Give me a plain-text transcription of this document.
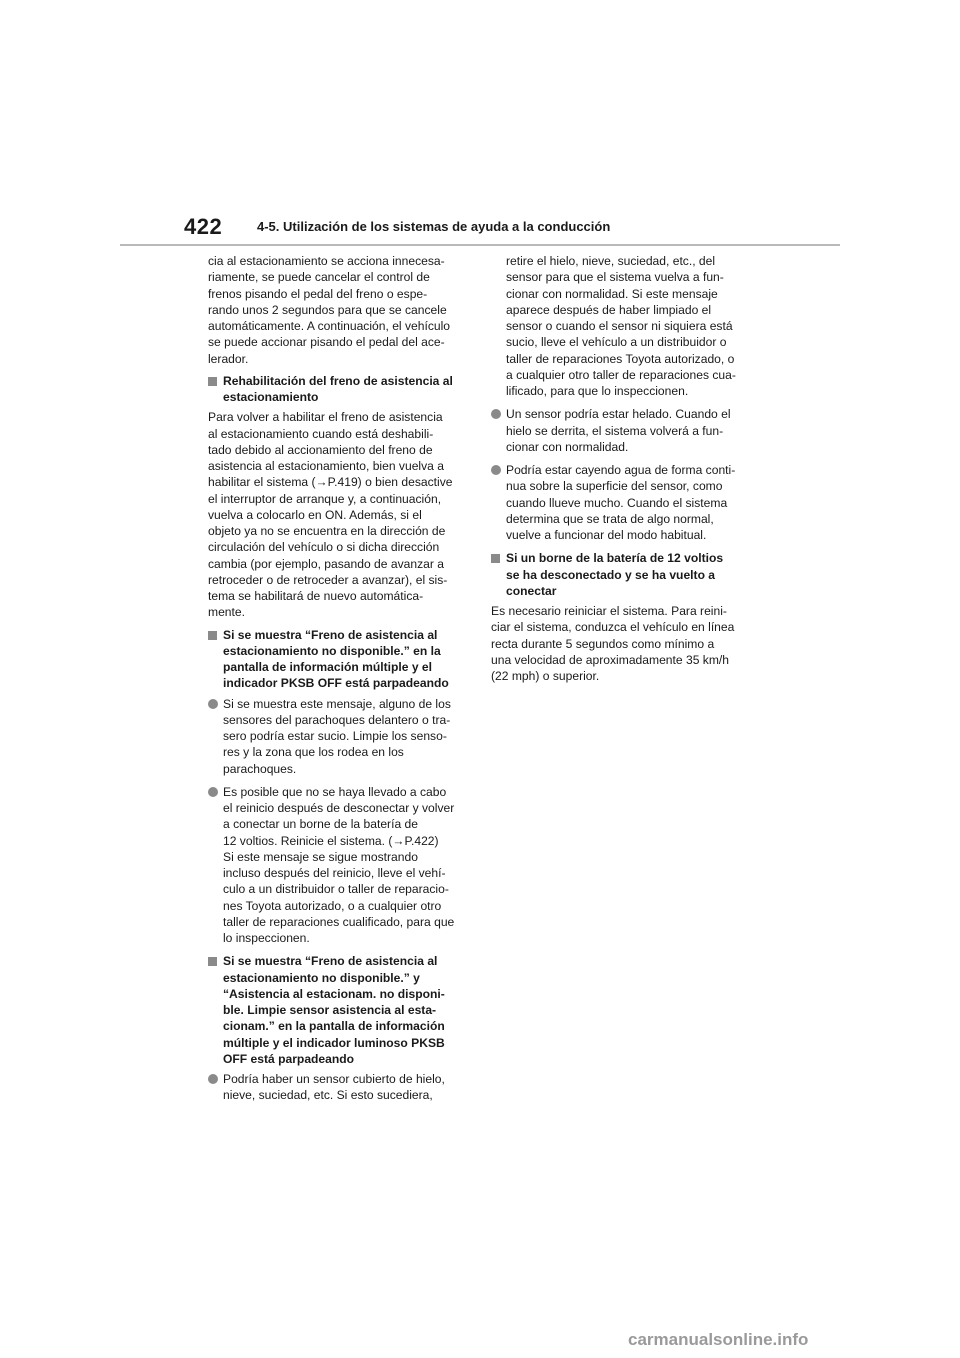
422	4-5. Utilización de los sistemas de ayuda a la conducción

cia al estacionamiento se acciona innecesa-

riamente, se puede cancelar el control de

frenos pisando el pedal del freno o espe-

rando unos 2 segundos para que se cancele

automáticamente. A continuación, el vehículo

se puede accionar pisando el pedal del ace-

lerador.

Rehabilitación del freno de asistencia al
estacionamiento

Para volver a habilitar el freno de asistencia

al estacionamiento cuando está deshabili-

tado debido al accionamiento del freno de

asistencia al estacionamiento, bien vuelva a

habilitar el sistema (→P.419) o bien desactive

el interruptor de arranque y, a continuación,

vuelva a colocarlo en ON. Además, si el

objeto ya no se encuentra en la dirección de

circulación del vehículo o si dicha dirección

cambia (por ejemplo, pasando de avanzar a

retroceder o de retroceder a avanzar), el sis-

tema se habilitará de nuevo automática-

mente.

Si se muestra “Freno de asistencia al
estacionamiento no disponible.” en la
pantalla de información múltiple y el
indicador PKSB OFF está parpadeando

Si se muestra este mensaje, alguno de los

sensores del parachoques delantero o tra-

sero podría estar sucio. Limpie los senso-

res y la zona que los rodea en los

parachoques.

Es posible que no se haya llevado a cabo

el reinicio después de desconectar y volver

a conectar un borne de la batería de

12 voltios. Reinicie el sistema. (→P.422)

Si este mensaje se sigue mostrando

incluso después del reinicio, lleve el vehí-

culo a un distribuidor o taller de reparacio-

nes Toyota autorizado, o a cualquier otro

taller de reparaciones cualificado, para que

lo inspeccionen.

Si se muestra “Freno de asistencia al
estacionamiento no disponible.” y
“Asistencia al estacionam. no disponi-
ble. Limpie sensor asistencia al esta-
cionam.” en la pantalla de información
múltiple y el indicador luminoso PKSB
OFF está parpadeando

Podría haber un sensor cubierto de hielo,

nieve, suciedad, etc. Si esto sucediera,

retire el hielo, nieve, suciedad, etc., del

sensor para que el sistema vuelva a fun-

cionar con normalidad. Si este mensaje

aparece después de haber limpiado el

sensor o cuando el sensor ni siquiera está

sucio, lleve el vehículo a un distribuidor o

taller de reparaciones Toyota autorizado, o

a cualquier otro taller de reparaciones cua-

lificado, para que lo inspeccionen.

Un sensor podría estar helado. Cuando el

hielo se derrita, el sistema volverá a fun-

cionar con normalidad.

Podría estar cayendo agua de forma conti-

nua sobre la superficie del sensor, como

cuando llueve mucho. Cuando el sistema

determina que se trata de algo normal,

vuelve a funcionar del modo habitual.

Si un borne de la batería de 12 voltios
se ha desconectado y se ha vuelto a
conectar

Es necesario reiniciar el sistema. Para reini-

ciar el sistema, conduzca el vehículo en línea

recta durante 5 segundos como mínimo a

una velocidad de aproximadamente 35 km/h

(22 mph) o superior.

carmanualsonline.info
